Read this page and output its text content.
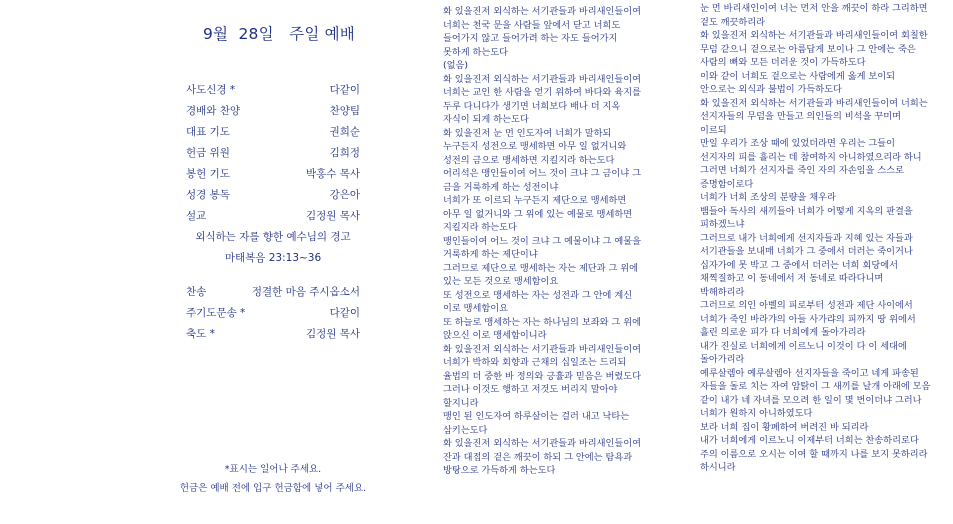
9월  28일   주일 예배
사도신경 *	다같이
경배와 찬양	찬양팀
대표 기도	권희순
헌금 위원	김희정
봉헌 기도	박홍수 목사
성경 봉독	강은아
설교	김정원 목사
외식하는 자를 향한 예수님의 경고
마태복음 23:13~36
찬송	정결한 마음 주시옵소서
주기도문송 *	다같이
축도 *	김정원 목사
*표시는 일어나 주세요.
헌금은 예배 전에 입구 헌금함에 넣어 주세요.
화 있을진저 외식하는 서기관들과 바리새인들이여
너희는 천국 문을 사람들 앞에서 닫고 너희도
들어가지 않고 들어가려 하는 자도 들어가지
못하게 하는도다
(없음)
화 있을진저 외식하는 서기관들과 바리새인들이여
너희는 교인 한 사람을 얻기 위하여 바다와 육지를
두루 다니다가 생기면 너희보다 배나 더 지옥
자식이 되게 하는도다
화 있을진저 눈 먼 인도자여 너희가 말하되
누구든지 성전으로 맹세하면 아무 일 없거니와
성전의 금으로 맹세하면 지킬지라 하는도다
어리석은 맹인들이여 어느 것이 크냐 그 금이냐 그
금을 거룩하게 하는 성전이냐
너희가 또 이르되 누구든지 제단으로 맹세하면
아무 일 없거니와 그 위에 있는 예물로 맹세하면
지킬지라 하는도다
맹인들이여 어느 것이 크냐 그 예물이냐 그 예물을
거룩하게 하는 제단이냐
그러므로 제단으로 맹세하는 자는 제단과 그 위에
있는 모든 것으로 맹세함이요
또 성전으로 맹세하는 자는 성전과 그 안에 계신
이로 맹세함이요
또 하늘로 맹세하는 자는 하나님의 보좌와 그 위에
앉으신 이로 맹세함이니라
화 있을진저 외식하는 서기관들과 바리새인들이여
너희가 박하와 회향과 근채의 십일조는 드리되
율법의 더 중한 바 정의와 긍휼과 믿음은 버렸도다
그러나 이것도 행하고 저것도 버리지 말아야
할지니라
맹인 된 인도자여 하루살이는 걸러 내고 낙타는
삼키는도다
화 있을진저 외식하는 서기관들과 바리새인들이여
잔과 대접의 겉은 깨끗이 하되 그 안에는 탐욕과
방탕으로 가득하게 하는도다
눈 먼 바리새인이여 너는 먼저 안을 깨끗이 하라 그리하면
겉도 깨끗하리라
화 있을진저 외식하는 서기관들과 바리새인들이여 회칠한
무덤 같으니 겉으로는 아름답게 보이나 그 안에는 죽은
사람의 뼈와 모든 더러운 것이 가득하도다
이와 같이 너희도 겉으로는 사람에게 옳게 보이되
안으로는 외식과 불법이 가득하도다
화 있을진저 외식하는 서기관들과 바리새인들이여 너희는
선지자들의 무덤을 만들고 의인들의 비석을 꾸미며
이르되
만일 우리가 조상 때에 있었더라면 우리는 그들이
선지자의 피를 흘리는 데 참여하지 아니하였으리라 하니
그러면 너희가 선지자를 죽인 자의 자손임을 스스로
증명함이로다
너희가 너희 조상의 분량을 채우라
뱀들아 독사의 새끼들아 너희가 어떻게 지옥의 판결을
피하겠느냐
그러므로 내가 너희에게 선지자들과 지혜 있는 자들과
서기관들을 보내매 너희가 그 중에서 더러는 죽이거나
십자가에 못 박고 그 중에서 더러는 너희 회당에서
채찍질하고 이 동네에서 저 동네로 따라다니며
박해하리라
그러므로 의인 아벨의 피로부터 성전과 제단 사이에서
너희가 죽인 바라갸의 아들 사가랴의 피까지 땅 위에서
흘린 의로운 피가 다 너희에게 돌아가리라
내가 진실로 너희에게 이르노니 이것이 다 이 세대에
돌아가리라
예루살렘아 예루살렘아 선지자들을 죽이고 네게 파송된
자들을 돌로 치는 자여 암탉이 그 새끼를 날개 아래에 모음
같이 내가 네 자녀를 모으려 한 일이 몇 번이더냐 그러나
너희가 원하지 아니하였도다
보라 너희 집이 황폐하여 버려진 바 되리라
내가 너희에게 이르노니 이제부터 너희는 찬송하리로다
주의 이름으로 오시는 이여 할 때까지 나를 보지 못하리라
하시니라
